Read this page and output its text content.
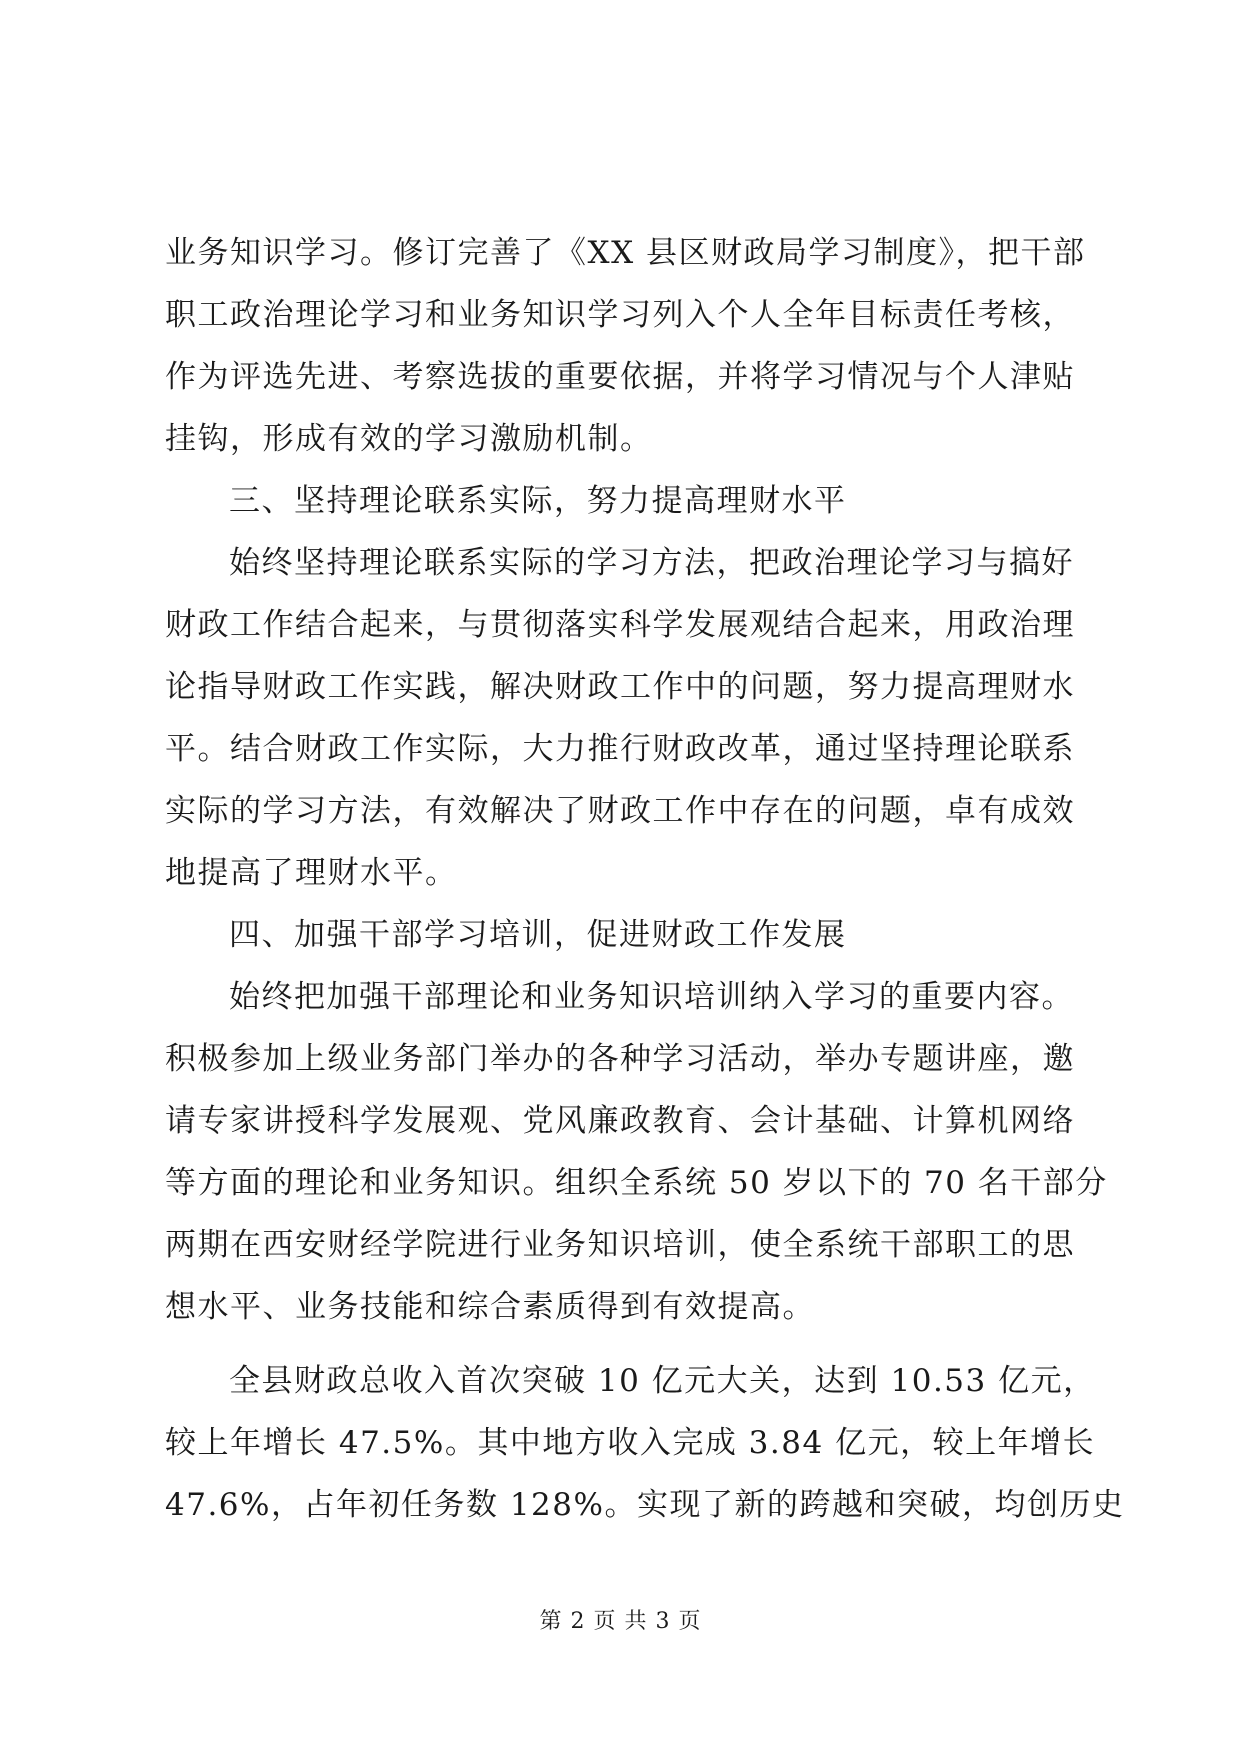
业务知识学习。修订完善了《XX 县区财政局学习制度》，把干部
职工政治理论学习和业务知识学习列入个人全年目标责任考核，
作为评选先进、考察选拔的重要依据，并将学习情况与个人津贴
挂钩，形成有效的学习激励机制。
三、坚持理论联系实际，努力提高理财水平
始终坚持理论联系实际的学习方法，把政治理论学习与搞好
财政工作结合起来，与贯彻落实科学发展观结合起来，用政治理
论指导财政工作实践，解决财政工作中的问题，努力提高理财水
平。结合财政工作实际，大力推行财政改革，通过坚持理论联系
实际的学习方法，有效解决了财政工作中存在的问题，卓有成效
地提高了理财水平。
四、加强干部学习培训，促进财政工作发展
始终把加强干部理论和业务知识培训纳入学习的重要内容。
积极参加上级业务部门举办的各种学习活动，举办专题讲座，邀
请专家讲授科学发展观、党风廉政教育、会计基础、计算机网络
等方面的理论和业务知识。组织全系统 50 岁以下的 70 名干部分
两期在西安财经学院进行业务知识培训，使全系统干部职工的思
想水平、业务技能和综合素质得到有效提高。
全县财政总收入首次突破 10 亿元大关，达到 10.53 亿元，
较上年增长 47.5%。其中地方收入完成 3.84 亿元，较上年增长
47.6%，占年初任务数 128%。实现了新的跨越和突破，均创历史
第 2 页 共 3 页
